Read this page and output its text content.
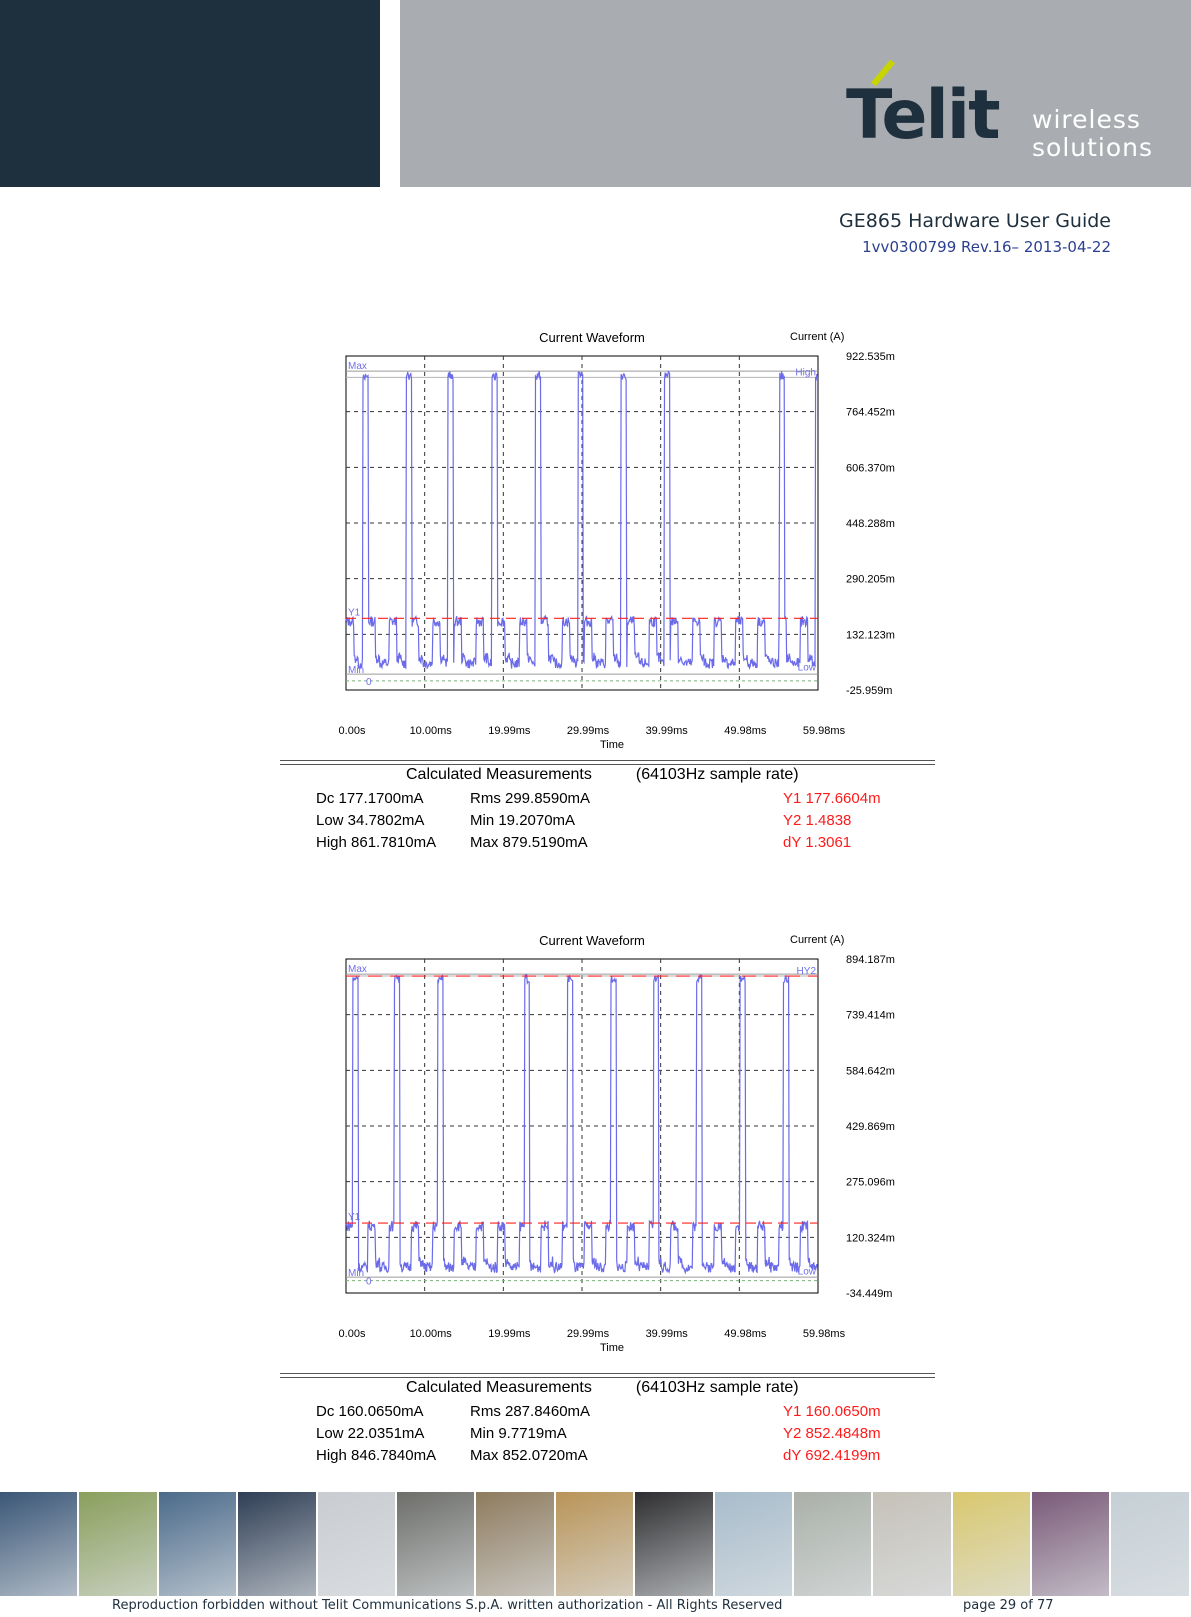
Telit wireless
solutions
GE865 Hardware User Guide
1vv0300799 Rev.16– 2013-04-22
Current Waveform	Current (A)
922.535m
764.452m
606.370m
448.288m
290.205m
132.123m
-25.959m
0.00s	10.00ms	19.99ms	29.99ms	39.99ms	49.98ms	59.98ms
Time
Max
High
Y1
Min	Low
0
Calculated Measurements	(64103Hz sample rate)
Dc 177.1700mA	Rms 299.8590mA	Y1 177.6604m
Low 34.7802mA	Min 19.2070mA	Y2 1.4838
High 861.7810mA Max 879.5190mA	dY 1.3061
Current Waveform	Current (A)
894.187m
739.414m
584.642m
429.869m
275.096m
120.324m
-34.449m
0.00s	10.00ms	19.99ms	29.99ms	39.99ms	49.98ms	59.98ms
Time
Max	HY2
Y1
Min	Low
0
Calculated Measurements	(64103Hz sample rate)
Dc 160.0650mA	Rms 287.8460mA	Y1 160.0650m
Low 22.0351mA	Min 9.7719mA	Y2 852.4848m
High 846.7840mA Max 852.0720mA	dY 692.4199m
Reproduction forbidden without Telit Communications S.p.A. written authorization - All Rights Reserved	page 29 of 77
